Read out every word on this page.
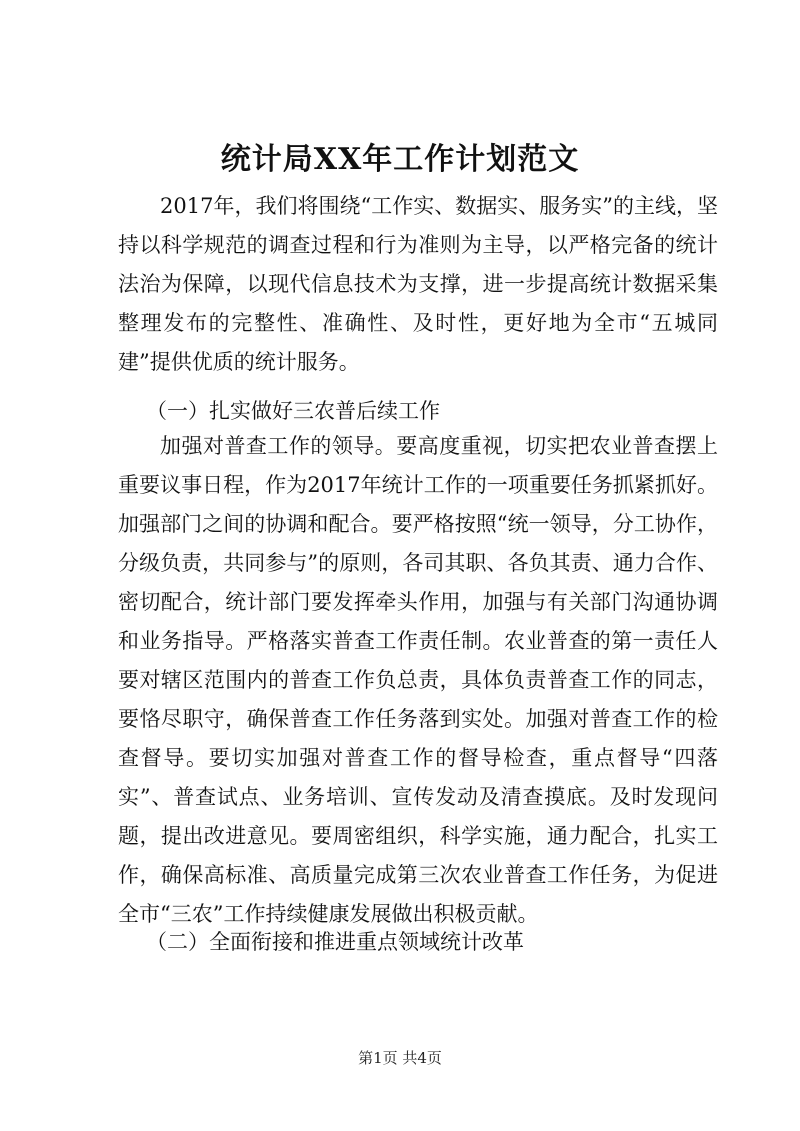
统计局XX年工作计划范文
2017年，我们将围绕“工作实、数据实、服务实”的主线，坚持以科学规范的调查过程和行为准则为主导，以严格完备的统计法治为保障，以现代信息技术为支撑，进一步提高统计数据采集整理发布的完整性、准确性、及时性，更好地为全市“五城同建”提供优质的统计服务。
（一）扎实做好三农普后续工作
加强对普查工作的领导。要高度重视，切实把农业普查摆上重要议事日程，作为2017年统计工作的一项重要任务抓紧抓好。加强部门之间的协调和配合。要严格按照“统一领导，分工协作，分级负责，共同参与”的原则，各司其职、各负其责、通力合作、密切配合，统计部门要发挥牵头作用，加强与有关部门沟通协调和业务指导。严格落实普查工作责任制。农业普查的第一责任人要对辖区范围内的普查工作负总责，具体负责普查工作的同志，要恪尽职守，确保普查工作任务落到实处。加强对普查工作的检查督导。要切实加强对普查工作的督导检查，重点督导“四落实”、普查试点、业务培训、宣传发动及清查摸底。及时发现问题，提出改进意见。要周密组织，科学实施，通力配合，扎实工作，确保高标准、高质量完成第三次农业普查工作任务，为促进全市“三农”工作持续健康发展做出积极贡献。
（二）全面衔接和推进重点领域统计改革
第1页 共4页
